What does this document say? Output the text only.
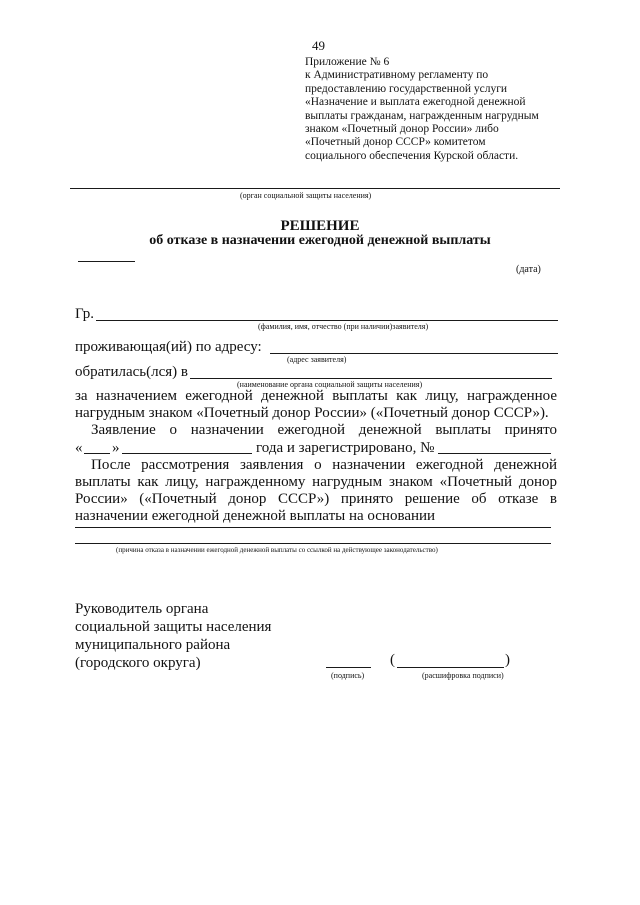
49
Приложение № 6
к Административному регламенту по
предоставлению государственной услуги
«Назначение и выплата ежегодной денежной
выплаты гражданам, награжденным нагрудным
знаком «Почетный донор России» либо
«Почетный донор СССР» комитетом
социального обеспечения Курской области.
(орган социальной защиты населения)
РЕШЕНИЕ
об отказе в назначении ежегодной денежной выплаты
(дата)
Гр.
(фамилия, имя, отчество (при наличии)заявителя)
проживающая(ий) по адресу:
(адрес заявителя)
обратилась(лся) в
(наименование органа социальной защиты населения)
за назначением ежегодной денежной выплаты как лицу, награжденное
нагрудным знаком «Почетный донор России» («Почетный донор СССР»).
Заявление о назначении ежегодной денежной выплаты принято
« »	года и зарегистрировано, №
После рассмотрения заявления о назначении ежегодной денежной
выплаты как лицу, награжденному нагрудным знаком «Почетный донор
России» («Почетный донор СССР») принято решение об отказе в
назначении ежегодной денежной выплаты на основании
(причина отказа в назначении ежегодной денежной выплаты со ссылкой на действующее законодательство)
Руководитель органа
социальной защиты населения
муниципального района
(городского округа)	(	)
(подпись)	(расшифровка подписи)
